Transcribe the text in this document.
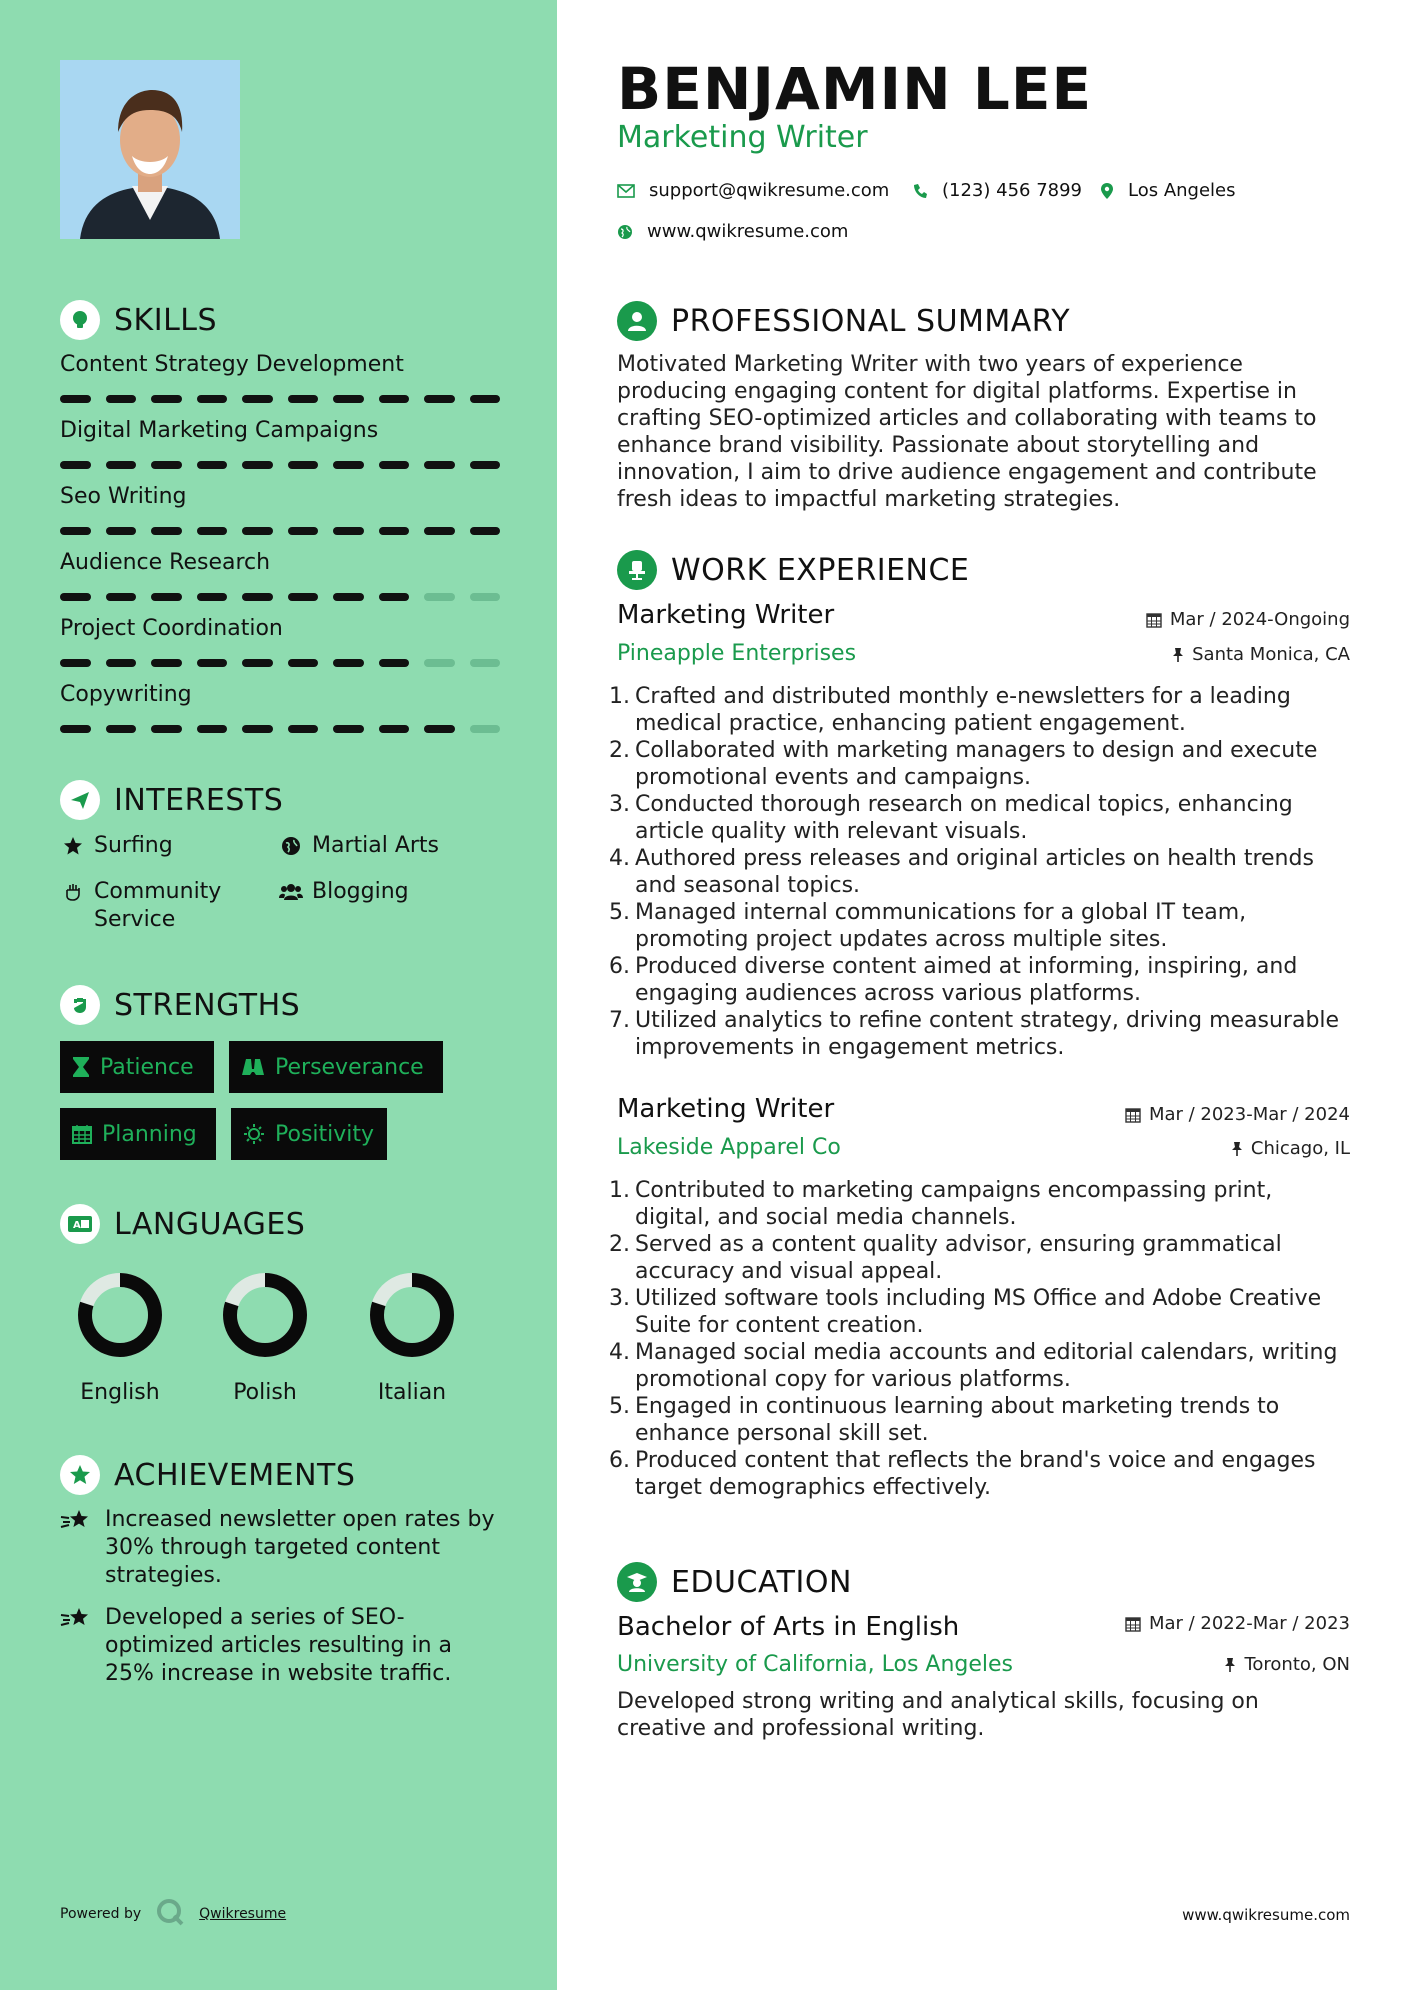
SKILLS
Content Strategy Development
Digital Marketing Campaigns
Seo Writing
Audience Research
Project Coordination
Copywriting
INTERESTS
Surfing	Martial Arts
Community Service
Blogging
STRENGTHS
Patience	Perseverance
Planning	Positivity
A LANGUAGES
English	Polish	Italian
ACHIEVEMENTS
Increased newsletter open rates by 30% through targeted content strategies.
Developed a series of SEO-optimized articles resulting in a 25% increase in website traffic.
Powered by	Qwikresume
BENJAMIN LEE
Marketing Writer
support@qwikresume.com	(123) 456 7899	Los Angeles
www.qwikresume.com
PROFESSIONAL SUMMARY
Motivated Marketing Writer with two years of experience producing engaging content for digital platforms. Expertise in crafting SEO-optimized articles and collaborating with teams to enhance brand visibility. Passionate about storytelling and innovation, I aim to drive audience engagement and contribute fresh ideas to impactful marketing strategies.
WORK EXPERIENCE
Marketing Writer	Mar / 2024-Ongoing
Pineapple Enterprises	Santa Monica, CA
Crafted and distributed monthly e-newsletters for a leading medical practice, enhancing patient engagement.
Collaborated with marketing managers to design and execute promotional events and campaigns.
Conducted thorough research on medical topics, enhancing article quality with relevant visuals.
Authored press releases and original articles on health trends and seasonal topics.
Managed internal communications for a global IT team, promoting project updates across multiple sites.
Produced diverse content aimed at informing, inspiring, and engaging audiences across various platforms.
Utilized analytics to refine content strategy, driving measurable improvements in engagement metrics.
Marketing Writer	Mar / 2023-Mar / 2024
Lakeside Apparel Co	Chicago, IL
Contributed to marketing campaigns encompassing print, digital, and social media channels.
Served as a content quality advisor, ensuring grammatical accuracy and visual appeal.
Utilized software tools including MS Office and Adobe Creative Suite for content creation.
Managed social media accounts and editorial calendars, writing promotional copy for various platforms.
Engaged in continuous learning about marketing trends to enhance personal skill set.
Produced content that reflects the brand's voice and engages target demographics effectively.
EDUCATION
Bachelor of Arts in English	Mar / 2022-Mar / 2023
University of California, Los Angeles	Toronto, ON
Developed strong writing and analytical skills, focusing on creative and professional writing.
www.qwikresume.com
